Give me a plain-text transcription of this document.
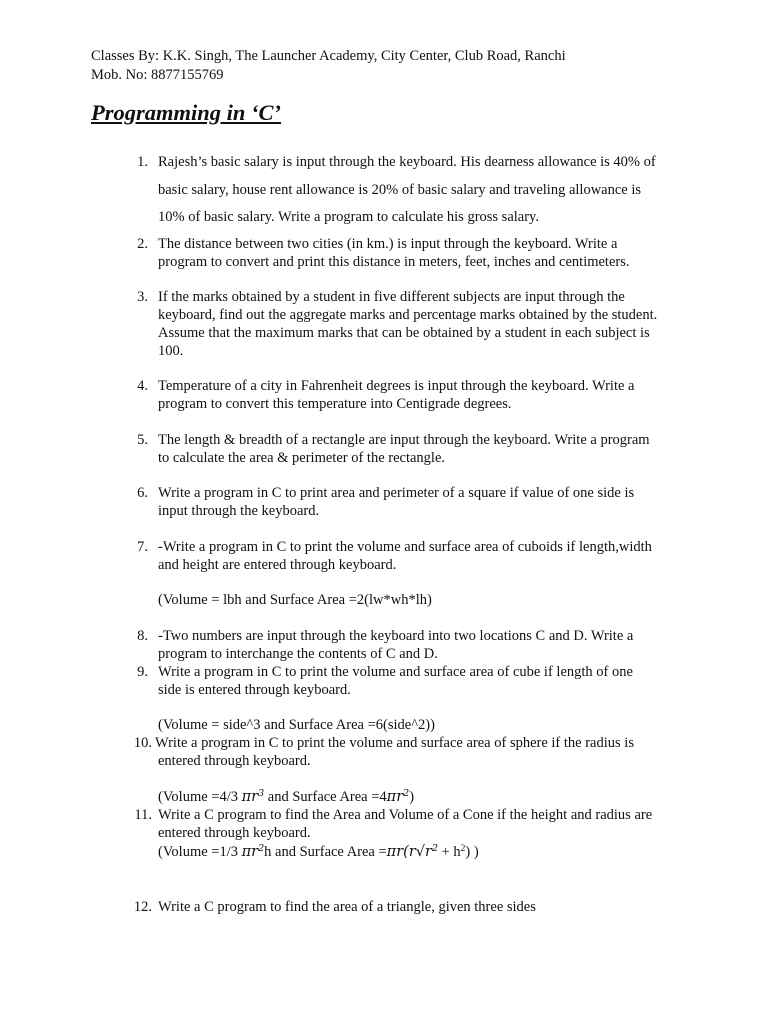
Classes By: K.K. Singh, The Launcher Academy, City Center, Club Road, Ranchi
Mob. No: 8877155769
Programming in ‘C’
1. Rajesh’s basic salary is input through the keyboard. His dearness allowance is 40% of
basic salary, house rent allowance is 20% of basic salary and traveling allowance is
10% of basic salary. Write a program to calculate his gross salary.
2. The distance between two cities (in km.) is input through the keyboard. Write a
program to convert and print this distance in meters, feet, inches and centimeters.
3. If the marks obtained by a student in five different subjects are input through the
keyboard, find out the aggregate marks and percentage marks obtained by the student.
Assume that the maximum marks that can be obtained by a student in each subject is
100.
4. Temperature of a city in Fahrenheit degrees is input through the keyboard. Write a
program to convert this temperature into Centigrade degrees.
5. The length & breadth of a rectangle are input through the keyboard. Write a program
to calculate the area & perimeter of the rectangle.
6. Write a program in C to print area and perimeter of a square if value of one side is
input through the keyboard.
7. -Write a program in C to print the volume and surface area of cuboids if length,width
and height are entered through keyboard.
(Volume = lbh and Surface Area =2(lw*wh*lh)
8. -Two numbers are input through the keyboard into two locations C and D. Write a
program to interchange the contents of C and D.
9. Write a program in C to print the volume and surface area of cube if length of one
side is entered through keyboard.
(Volume = side^3 and Surface Area =6(side^2))
10. Write a program in C to print the volume and surface area of sphere if the radius is
entered through keyboard.
(Volume =4/3 $\pi r^3$ and Surface Area $=4\pi r^2$)
11. Write a C program to find the Area and Volume of a Cone if the height and radius are
entered through keyboard.
(Volume =1/3 $\pi r^2h$ and Surface Area $=\pi r(r√r^2 + h^2)$ )
12. Write a C program to find the area of a triangle, given three sides
